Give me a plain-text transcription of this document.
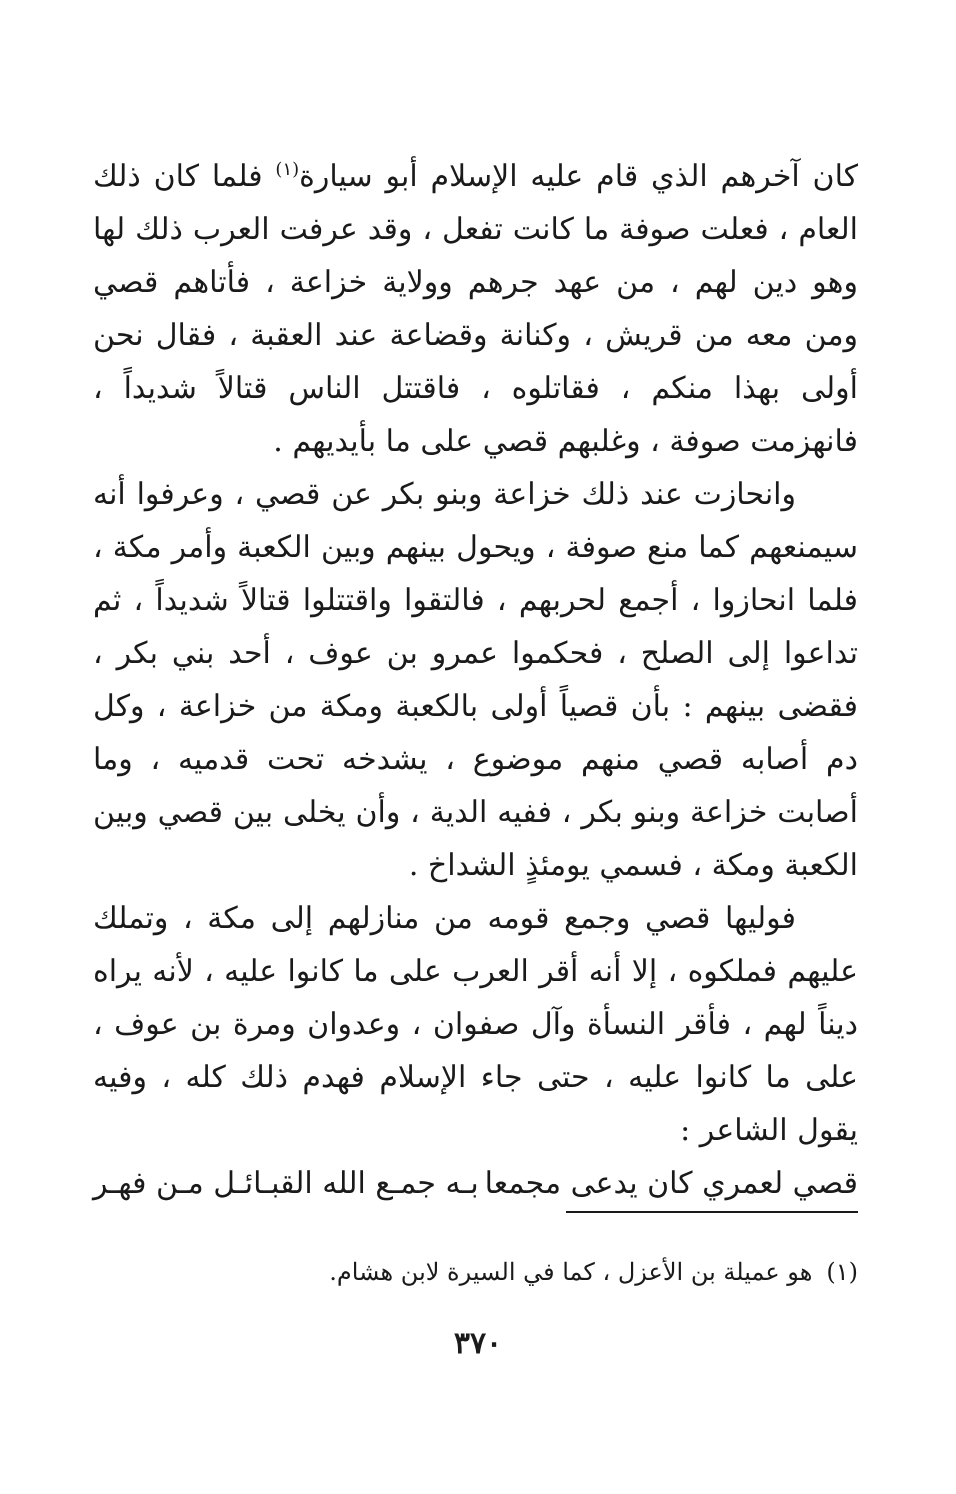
كان آخرهم الذي قام عليه الإسلام أبو سيارة$^{(١)}$ فلما كان ذلك العام ، فعلت صوفة ما كانت تفعل ، وقد عرفت العرب ذلك لها وهو دين لهم ، من عهد جرهم وولاية خزاعة ، فأتاهم قصي ومن معه من قريش ، وكنانة وقضاعة عند العقبة ، فقال نحن أولى بهذا منكم ، فقاتلوه ، فاقتتل الناس قتالاً شديداً ، فانهزمت صوفة ، وغلبهم قصي على ما بأيديهم .

وانحازت عند ذلك خزاعة وبنو بكر عن قصي ، وعرفوا أنه سيمنعهم كما منع صوفة ، ويحول بينهم وبين الكعبة وأمر مكة ، فلما انحازوا ، أجمع لحربهم ، فالتقوا واقتتلوا قتالاً شديداً ، ثم تداعوا إلى الصلح ، فحكموا عمرو بن عوف ، أحد بني بكر ، فقضى بينهم : بأن قصياً أولى بالكعبة ومكة من خزاعة ، وكل دم أصابه قصي منهم موضوع ، يشدخه تحت قدميه ، وما أصابت خزاعة وبنو بكر ، ففيه الدية ، وأن يخلى بين قصي وبين الكعبة ومكة ، فسمي يومئذٍ الشداخ .

فوليها قصي وجمع قومه من منازلهم إلى مكة ، وتملك عليهم فملكوه ، إلا أنه أقر العرب على ما كانوا عليه ، لأنه يراه ديناً لهم ، فأقر النسأة وآل صفوان ، وعدوان ومرة بن عوف ، على ما كانوا عليه ، حتى جاء الإسلام فهدم ذلك كله ، وفيه يقول الشاعر :

قصي لعمري كان يدعى مجمعا
بـه جمـع الله القبـائـل مـن فهـر
(١)هو عميلة بن الأعزل ، كما في السيرة لابن هشام.
٣٧٠
